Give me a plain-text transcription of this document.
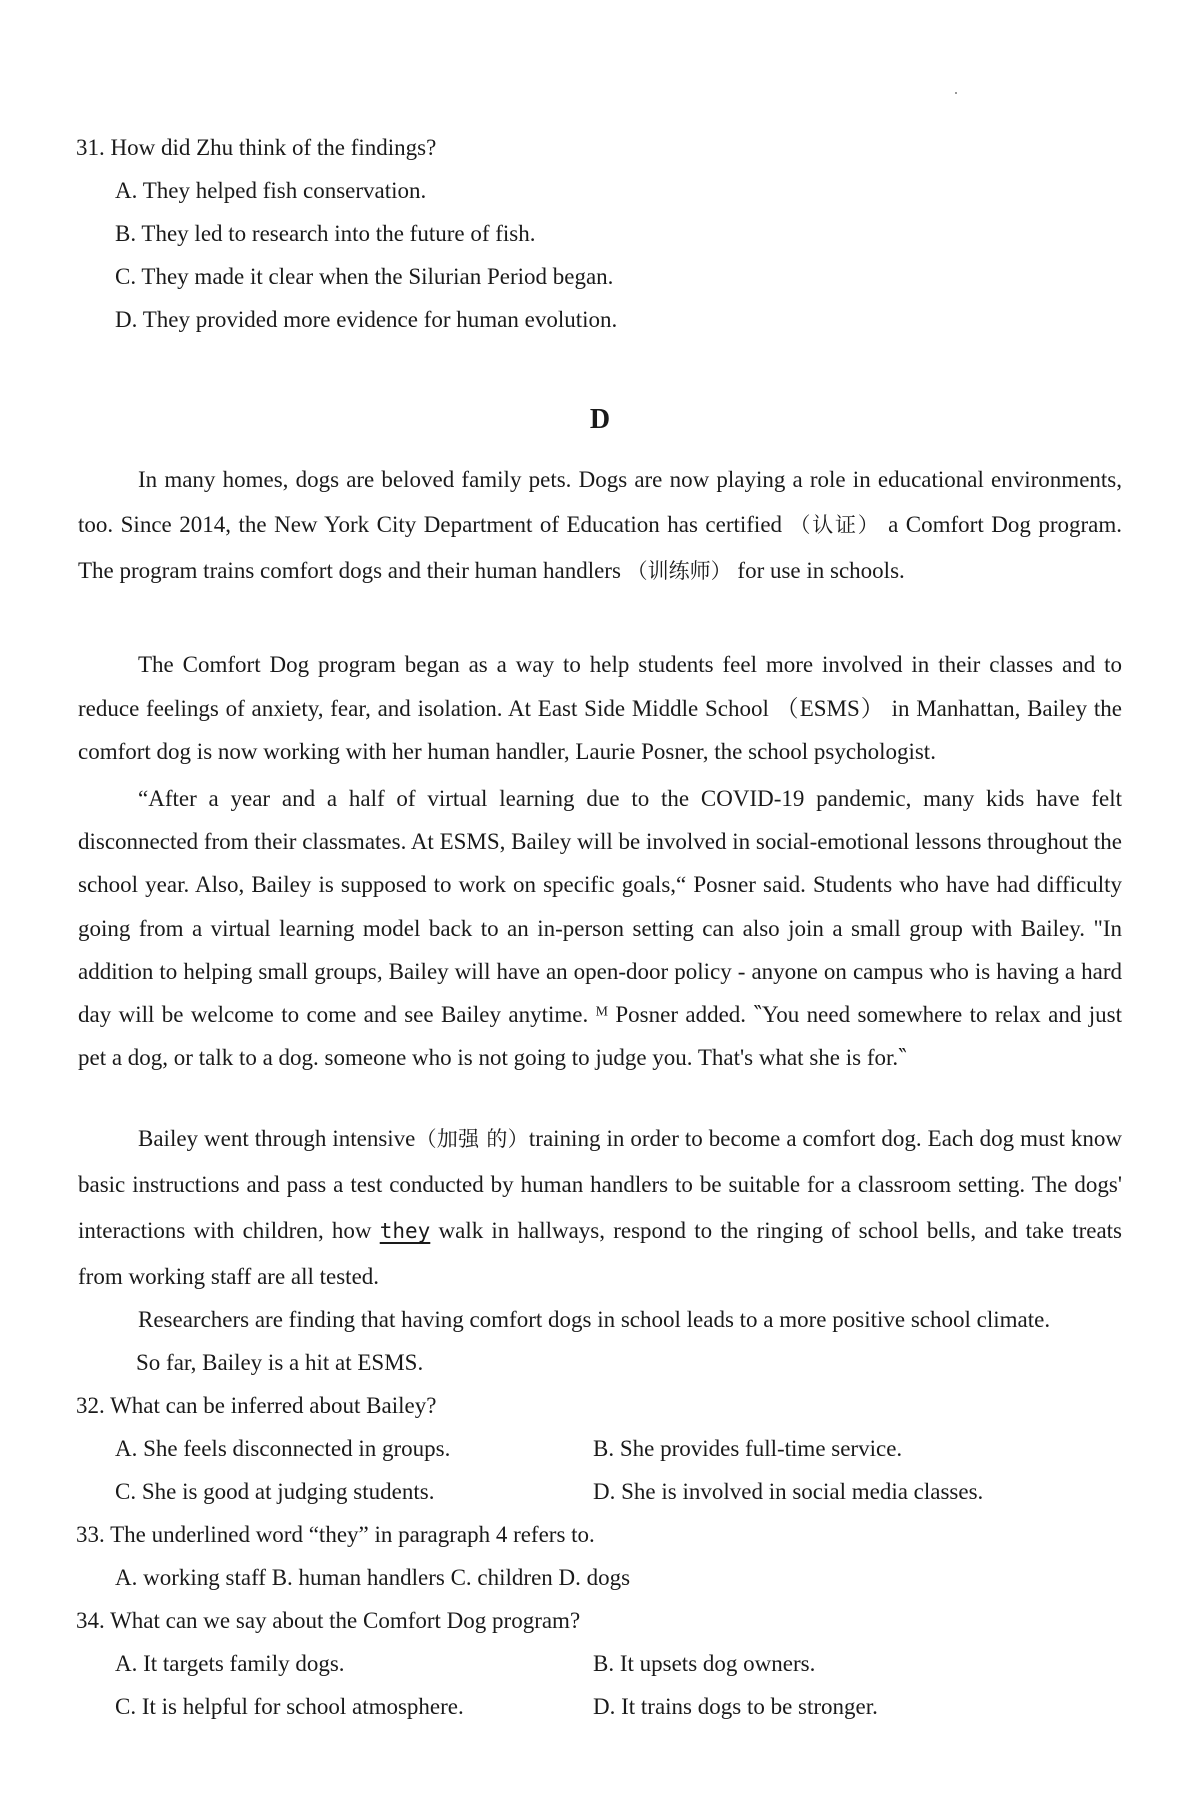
31. How did Zhu think of the findings?
A. They helped fish conservation.
B. They led to research into the future of fish.
C. They made it clear when the Silurian Period began.
D. They provided more evidence for human evolution.
D
In many homes, dogs are beloved family pets. Dogs are now playing a role in educational environments, too. Since 2014, the New York City Department of Education has certified （认证） a Comfort Dog program. The program trains comfort dogs and their human handlers （训练师） for use in schools.
The Comfort Dog program began as a way to help students feel more involved in their classes and to reduce feelings of anxiety, fear, and isolation. At East Side Middle School （ESMS） in Manhattan, Bailey the comfort dog is now working with her human handler, Laurie Posner, the school psychologist.
“After a year and a half of virtual learning due to the COVID-19 pandemic, many kids have felt disconnected from their classmates. At ESMS, Bailey will be involved in social-emotional lessons throughout the school year. Also, Bailey is supposed to work on specific goals,“ Posner said. Students who have had difficulty going from a virtual learning model back to an in-person setting can also join a small group with Bailey. "In addition to helping small groups, Bailey will have an open-door policy - anyone on campus who is having a hard day will be welcome to come and see Bailey anytime. ᴹ Posner added. ‶You need somewhere to relax and just pet a dog, or talk to a dog. someone who is not going to judge you. That's what she is for.‶
Bailey went through intensive（加强 的）training in order to become a comfort dog. Each dog must know basic instructions and pass a test conducted by human handlers to be suitable for a classroom setting. The dogs' interactions with children, how they walk in hallways, respond to the ringing of school bells, and take treats from working staff are all tested.
Researchers are finding that having comfort dogs in school leads to a more positive school climate.
So far, Bailey is a hit at ESMS.
32. What can be inferred about Bailey?
A. She feels disconnected in groups.	B. She provides full-time service.
C. She is good at judging students.	D. She is involved in social media classes.
33. The underlined word “they” in paragraph 4 refers to.
A. working staff B. human handlers C. children D. dogs
34. What can we say about the Comfort Dog program?
A. It targets family dogs.	B. It upsets dog owners.
C. It is helpful for school atmosphere.	D. It trains dogs to be stronger.
